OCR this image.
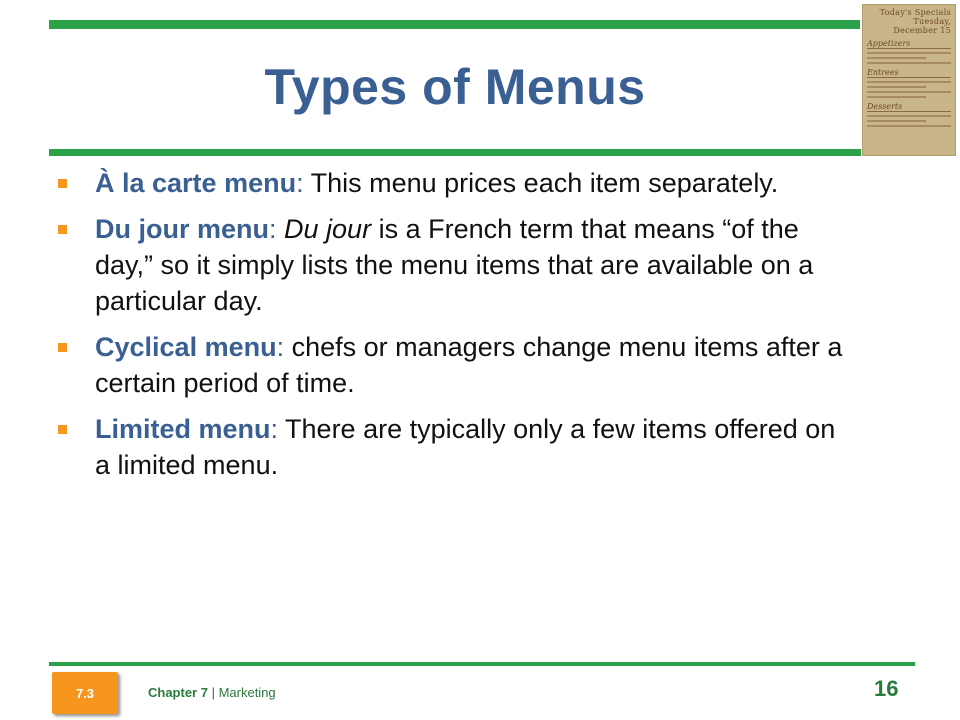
Types of Menus
Today's Specials
Tuesday, December 15
Appetizers
Entrees
Desserts
À la carte menu: This menu prices each item separately.
Du jour menu: Du jour is a French term that means “of the day,” so it simply lists the menu items that are available on a particular day.
Cyclical menu: chefs or managers change menu items after a certain period of time.
Limited menu: There are typically only a few items offered on a limited menu.
7.3	Chapter 7 | Marketing	16
